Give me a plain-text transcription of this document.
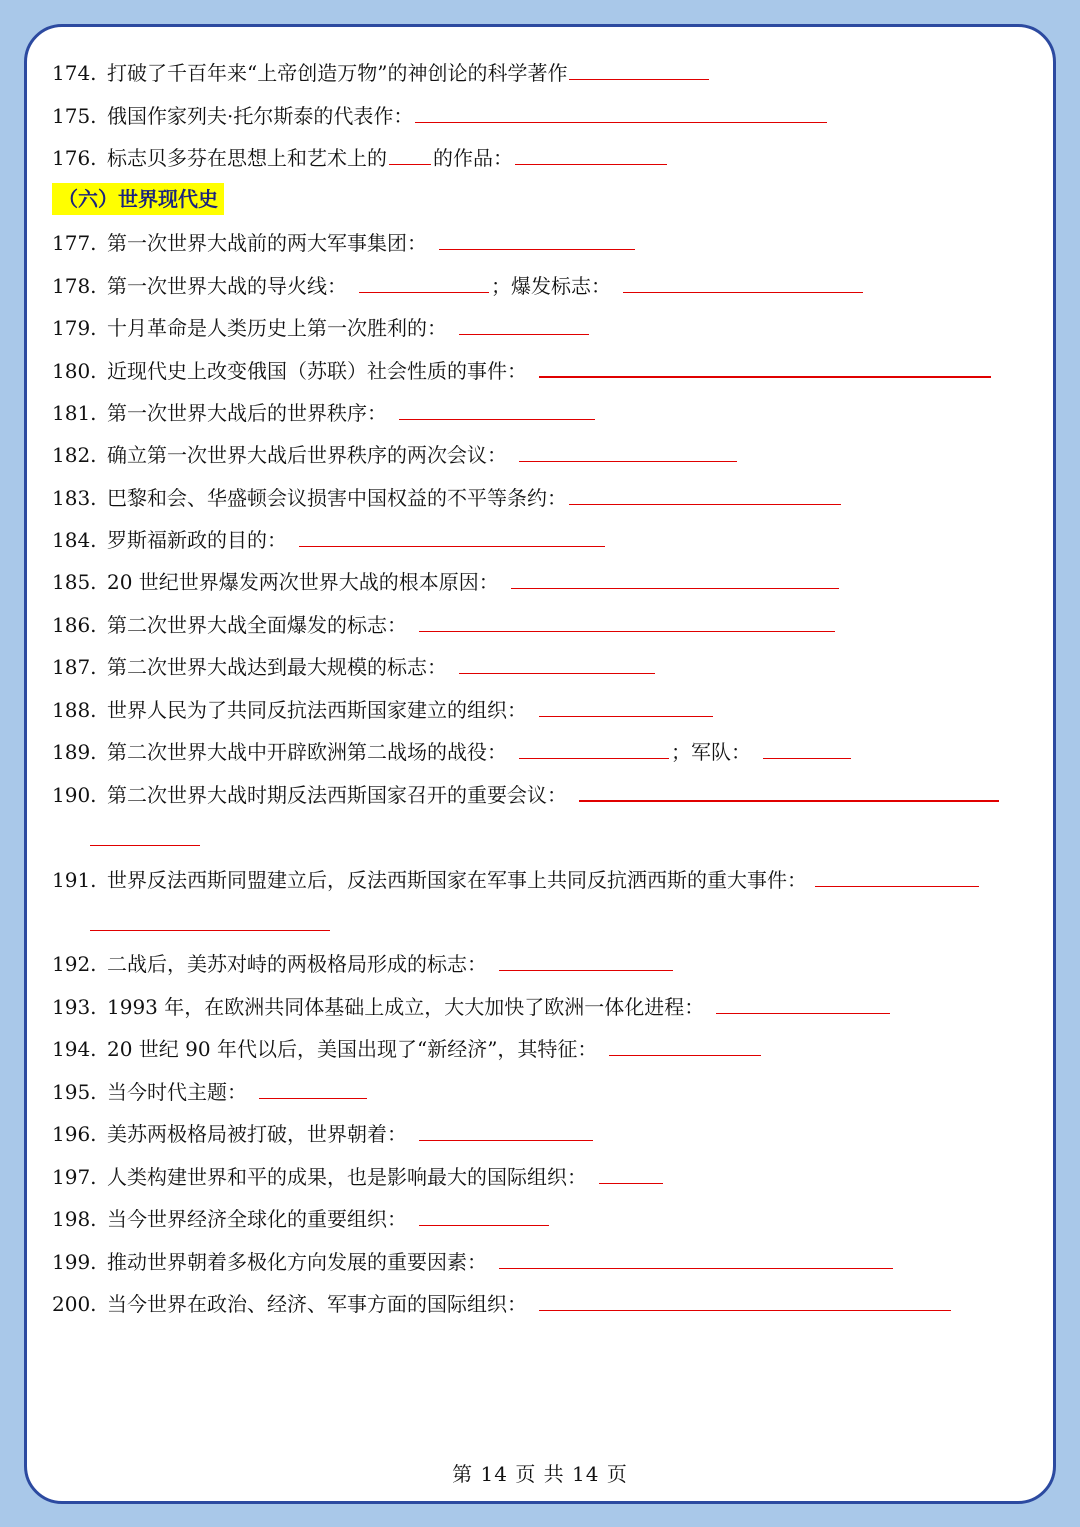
174. 打破了千百年来“上帝创造万物”的神创论的科学著作
175. 俄国作家列夫·托尔斯泰的代表作：
176. 标志贝多芬在思想上和艺术上的 的作品：
（六）世界现代史
177. 第一次世界大战前的两大军事集团：
178. 第一次世界大战的导火线：	；爆发标志：
179. 十月革命是人类历史上第一次胜利的：
180. 近现代史上改变俄国（苏联）社会性质的事件：
181. 第一次世界大战后的世界秩序：
182. 确立第一次世界大战后世界秩序的两次会议：
183. 巴黎和会、华盛顿会议损害中国权益的不平等条约：
184. 罗斯福新政的目的：
185. 20 世纪世界爆发两次世界大战的根本原因：
186. 第二次世界大战全面爆发的标志：
187. 第二次世界大战达到最大规模的标志：
188. 世界人民为了共同反抗法西斯国家建立的组织：
189. 第二次世界大战中开辟欧洲第二战场的战役：	；军队：
190. 第二次世界大战时期反法西斯国家召开的重要会议：
191. 世界反法西斯同盟建立后，反法西斯国家在军事上共同反抗洒西斯的重大事件：
192. 二战后，美苏对峙的两极格局形成的标志：
193. 1993 年，在欧洲共同体基础上成立，大大加快了欧洲一体化进程：
194. 20 世纪 90 年代以后，美国出现了“新经济”，其特征：
195. 当今时代主题：
196. 美苏两极格局被打破，世界朝着：
197. 人类构建世界和平的成果，也是影响最大的国际组织：
198. 当今世界经济全球化的重要组织：
199. 推动世界朝着多极化方向发展的重要因素：
200. 当今世界在政治、经济、军事方面的国际组织：
第 14 页 共 14 页
